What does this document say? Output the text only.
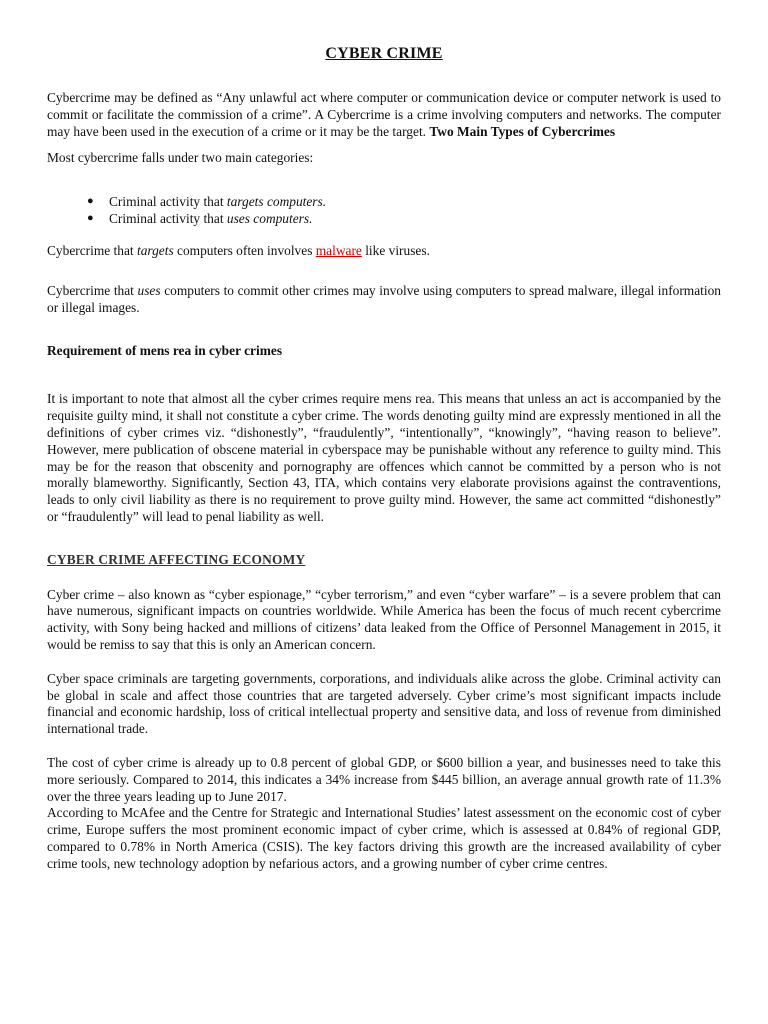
CYBER CRIME

Cybercrime may be defined as “Any unlawful act where computer or communication device or computer network is used to commit or facilitate the commission of a crime”. A Cybercrime is a crime involving computers and networks. The computer may have been used in the execution of a crime or it may be the target. Two Main Types of Cybercrimes

Most cybercrime falls under two main categories:

● Criminal activity that targets computers.
● Criminal activity that uses computers.

Cybercrime that targets computers often involves malware like viruses.

Cybercrime that uses computers to commit other crimes may involve using computers to spread malware, illegal information or illegal images.

Requirement of mens rea in cyber crimes

It is important to note that almost all the cyber crimes require mens rea. This means that unless an act is accompanied by the requisite guilty mind, it shall not constitute a cyber crime. The words denoting guilty mind are expressly mentioned in all the definitions of cyber crimes viz. “dishonestly”, “fraudulently”, “intentionally”, “knowingly”, “having reason to believe”. However, mere publication of obscene material in cyberspace may be punishable without any reference to guilty mind. This may be for the reason that obscenity and pornography are offences which cannot be committed by a person who is not morally blameworthy. Significantly, Section 43, ITA, which contains very elaborate provisions against the contraventions, leads to only civil liability as there is no requirement to prove guilty mind. However, the same act committed “dishonestly” or “fraudulently” will lead to penal liability as well.

CYBER CRIME AFFECTING ECONOMY

Cyber crime – also known as “cyber espionage,” “cyber terrorism,” and even “cyber warfare” – is a severe problem that can have numerous, significant impacts on countries worldwide. While America has been the focus of much recent cybercrime activity, with Sony being hacked and millions of citizens’ data leaked from the Office of Personnel Management in 2015, it would be remiss to say that this is only an American concern.

Cyber space criminals are targeting governments, corporations, and individuals alike across the globe. Criminal activity can be global in scale and affect those countries that are targeted adversely. Cyber crime’s most significant impacts include financial and economic hardship, loss of critical intellectual property and sensitive data, and loss of revenue from diminished international trade.

The cost of cyber crime is already up to 0.8 percent of global GDP, or $600 billion a year, and businesses need to take this more seriously. Compared to 2014, this indicates a 34% increase from $445 billion, an average annual growth rate of 11.3% over the three years leading up to June 2017.

According to McAfee and the Centre for Strategic and International Studies’ latest assessment on the economic cost of cyber crime, Europe suffers the most prominent economic impact of cyber crime, which is assessed at 0.84% of regional GDP, compared to 0.78% in North America (CSIS). The key factors driving this growth are the increased availability of cyber crime tools, new technology adoption by nefarious actors, and a growing number of cyber crime centres.
